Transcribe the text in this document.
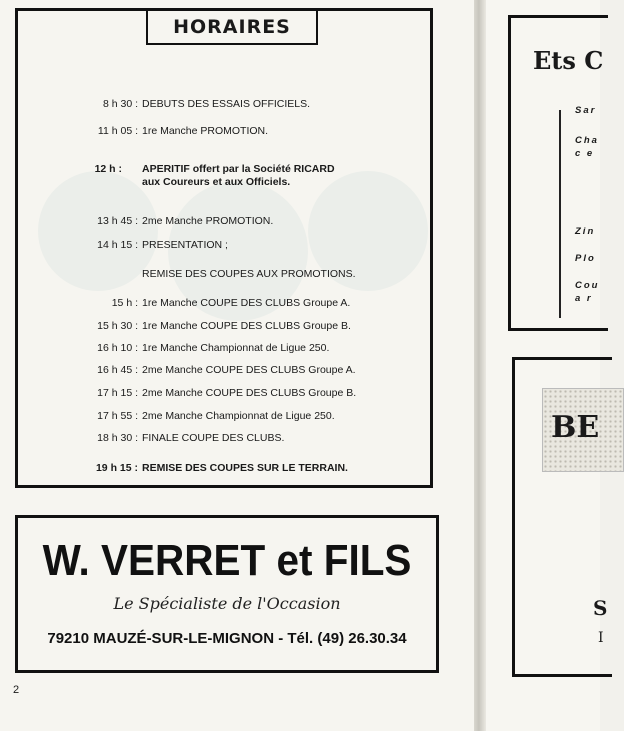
HORAIRES
8 h 30 : DEBUTS DES ESSAIS OFFICIELS.
11 h 05 : 1re Manche PROMOTION.
12 h : APERITIF offert par la Société RICARD aux Coureurs et aux Officiels.
13 h 45 : 2me Manche PROMOTION.
14 h 15 : PRESENTATION ;
REMISE DES COUPES AUX PROMOTIONS.
15 h : 1re Manche COUPE DES CLUBS Groupe A.
15 h 30 : 1re Manche COUPE DES CLUBS Groupe B.
16 h 10 : 1re Manche Championnat de Ligue 250.
16 h 45 : 2me Manche COUPE DES CLUBS Groupe A.
17 h 15 : 2me Manche COUPE DES CLUBS Groupe B.
17 h 55 : 2me Manche Championnat de Ligue 250.
18 h 30 : FINALE COUPE DES CLUBS.
19 h 15 : REMISE DES COUPES SUR LE TERRAIN.
W. VERRET et FILS
Le Spécialiste de l'Occasion
79210 MAUZÉ-SUR-LE-MIGNON - Tél. (49) 26.30.34
2
Ets C
Sar
Cha
c e
Zin
Plo
Cou
a r
BE
S
I
